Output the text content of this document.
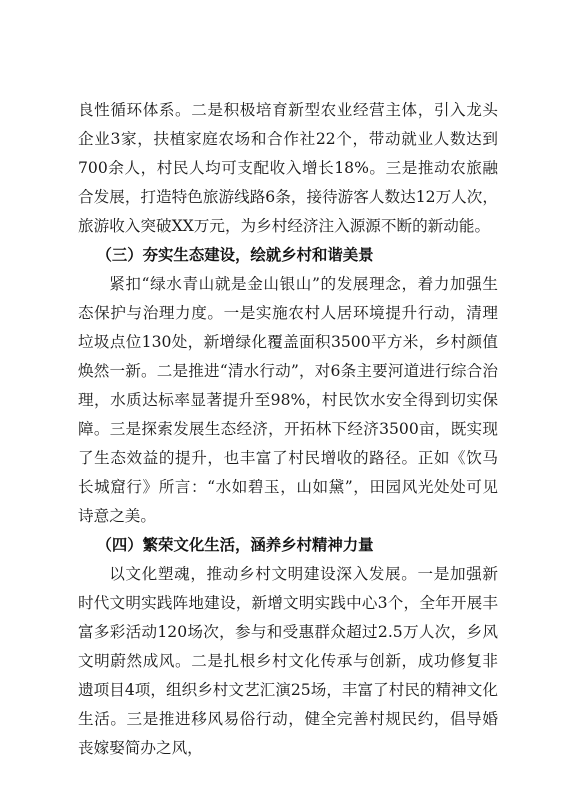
良性循环体系。二是积极培育新型农业经营主体，引入龙头企业3家，扶植家庭农场和合作社22个，带动就业人数达到700余人，村民人均可支配收入增长18%。三是推动农旅融合发展，打造特色旅游线路6条，接待游客人数达12万人次，旅游收入突破XX万元，为乡村经济注入源源不断的新动能。

（三）夯实生态建设，绘就乡村和谐美景

紧扣“绿水青山就是金山银山”的发展理念，着力加强生态保护与治理力度。一是实施农村人居环境提升行动，清理垃圾点位130处，新增绿化覆盖面积3500平方米，乡村颜值焕然一新。二是推进“清水行动”，对6条主要河道进行综合治理，水质达标率显著提升至98%，村民饮水安全得到切实保障。三是探索发展生态经济，开拓林下经济3500亩，既实现了生态效益的提升，也丰富了村民增收的路径。正如《饮马长城窟行》所言：“水如碧玉，山如黛”，田园风光处处可见诗意之美。

（四）繁荣文化生活，涵养乡村精神力量

以文化塑魂，推动乡村文明建设深入发展。一是加强新时代文明实践阵地建设，新增文明实践中心3个，全年开展丰富多彩活动120场次，参与和受惠群众超过2.5万人次，乡风文明蔚然成风。二是扎根乡村文化传承与创新，成功修复非遗项目4项，组织乡村文艺汇演25场，丰富了村民的精神文化生活。三是推进移风易俗行动，健全完善村规民约，倡导婚丧嫁娶简办之风，
